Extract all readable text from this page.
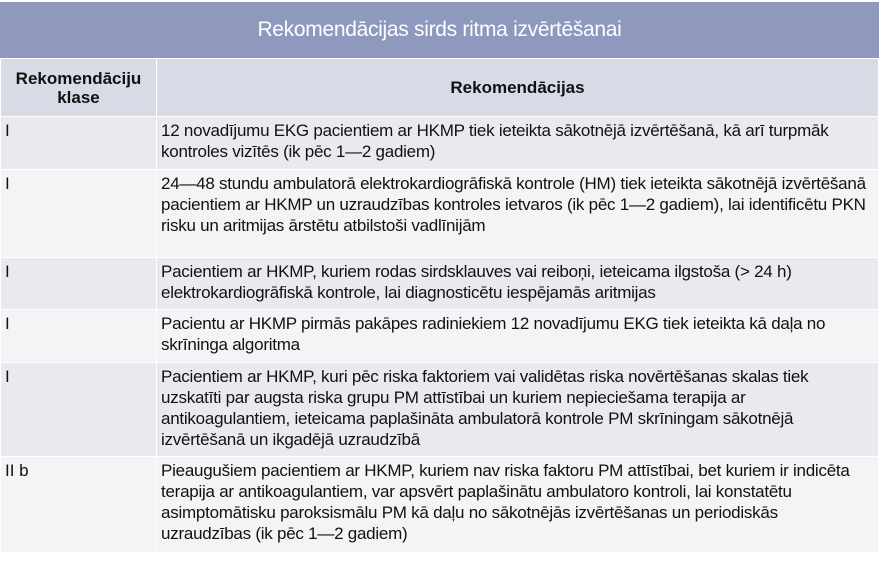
Rekomendācijas sirds ritma izvērtēšanai
Rekomendāciju klase	Rekomendācijas
I	12 novadījumu EKG pacientiem ar HKMP tiek ieteikta sākotnējā izvērtēšanā, kā arī turpmāk kontroles vizītēs (ik pēc 1—2 gadiem)
I	24—48 stundu ambulatorā elektrokardiogrāfiskā kontrole (HM) tiek ieteikta sākotnējā izvērtēšanā pacientiem ar HKMP un uzraudzības kontroles ietvaros (ik pēc 1—2 gadiem), lai identificētu PKN risku un aritmijas ārstētu atbilstoši vadlīnijām
I	Pacientiem ar HKMP, kuriem rodas sirdsklauves vai reiboņi, ieteicama ilgstoša (> 24 h) elektrokardiogrāfiskā kontrole, lai diagnosticētu iespējamās aritmijas
I	Pacientu ar HKMP pirmās pakāpes radiniekiem 12 novadījumu EKG tiek ieteikta kā daļa no skrīninga algoritma
I	Pacientiem ar HKMP, kuri pēc riska faktoriem vai validētas riska novērtēšanas skalas tiek uzskatīti par augsta riska grupu PM attīstībai un kuriem nepieciešama terapija ar antikoagulantiem, ieteicama paplašināta ambulatorā kontrole PM skrīningam sākotnējā izvērtēšanā un ikgadējā uzraudzībā
II b	Pieaugušiem pacientiem ar HKMP, kuriem nav riska faktoru PM attīstībai, bet kuriem ir indicēta terapija ar antikoagulantiem, var apsvērt paplašinātu ambulatoro kontroli, lai konstatētu asimptomātisku paroksismālu PM kā daļu no sākotnējās izvērtēšanas un periodiskās uzraudzības (ik pēc 1—2 gadiem)
